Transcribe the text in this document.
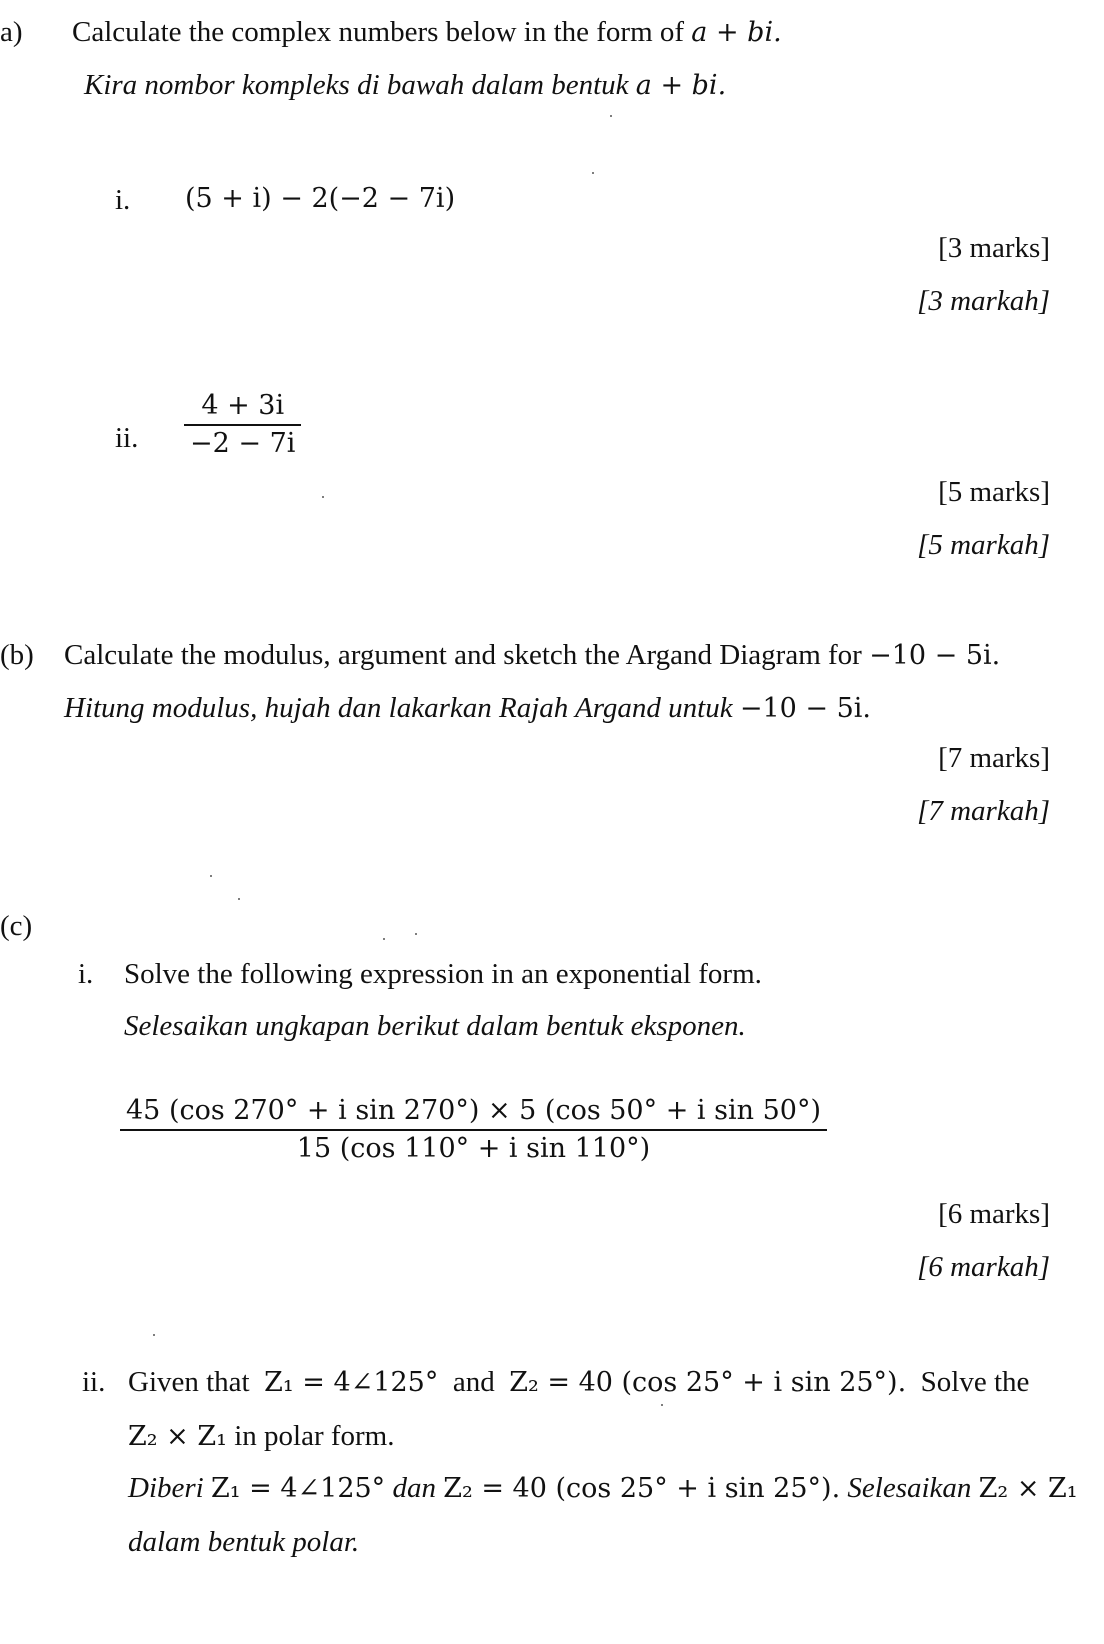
a) Calculate the complex numbers below in the form of a + bi.
Kira nombor kompleks di bawah dalam bentuk a + bi.
i. (5 + i) − 2(−2 − 7i)
[3 marks]
[3 markah]
ii. $\frac{4 + 3i}{-2 - 7i}$
[5 marks]
[5 markah]
(b) Calculate the modulus, argument and sketch the Argand Diagram for −10 − 5i.
Hitung modulus, hujah dan lakarkan Rajah Argand untuk −10 − 5i.
[7 marks]
[7 markah]
(c)
i. Solve the following expression in an exponential form.
Selesaikan ungkapan berikut dalam bentuk eksponen.
$\frac{\text{45 (cos 270° + i sin 270°) × 5 (cos 50° + i sin 50°)}}{\text{15 (cos 110° + i sin 110°)}}$
[6 marks]
[6 markah]
ii. Given that Z₁ = 4∠125° and Z₂ = 40 (cos 25° + i sin 25°). Solve the
Z₂ × Z₁ in polar form.
Diberi Z₁ = 4∠125° dan Z₂ = 40 (cos 25° + i sin 25°). Selesaikan Z₂ × Z₁
dalam bentuk polar.
